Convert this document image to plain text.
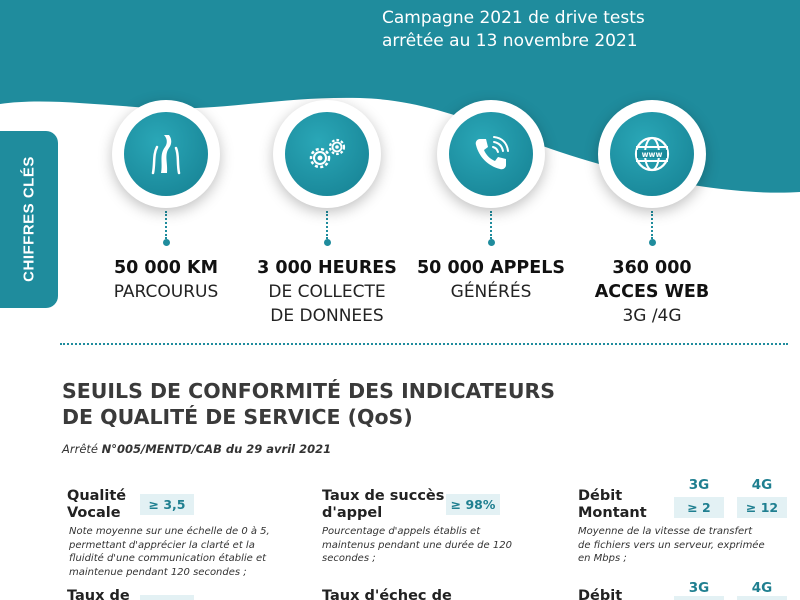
Campagne 2021 de drive tests
arrêtée au 13 novembre 2021
CHIFFRES CLÉS	50 000 KM
PARCOURUS
3 000 HEURES
DE COLLECTE
DE DONNEES
50 000 APPELS
GÉNÉRÉS
www
360 000
ACCES WEB
3G /4G
SEUILS DE CONFORMITÉ DES INDICATEURS
DE QUALITÉ DE SERVICE (QoS)
Arrêté N°005/MENTD/CAB du 29 avril 2021
Qualité
Vocale
≥ 3,5
Note moyenne sur une échelle de 0 à 5,
permettant d'apprécier la clarté et la
fluidité d'une communication établie et
maintenue pendant 120 secondes ;
Taux de succès
d'appel
≥ 98%
Pourcentage d'appels établis et
maintenus pendant une durée de 120
secondes ;
3G	4G
Débit
Montant	≥ 2	≥ 12
Moyenne de la vitesse de transfert
de fichiers vers un serveur, exprimée
en Mbps ;
Taux de	Taux d'échec de	3G	4G
Débit
